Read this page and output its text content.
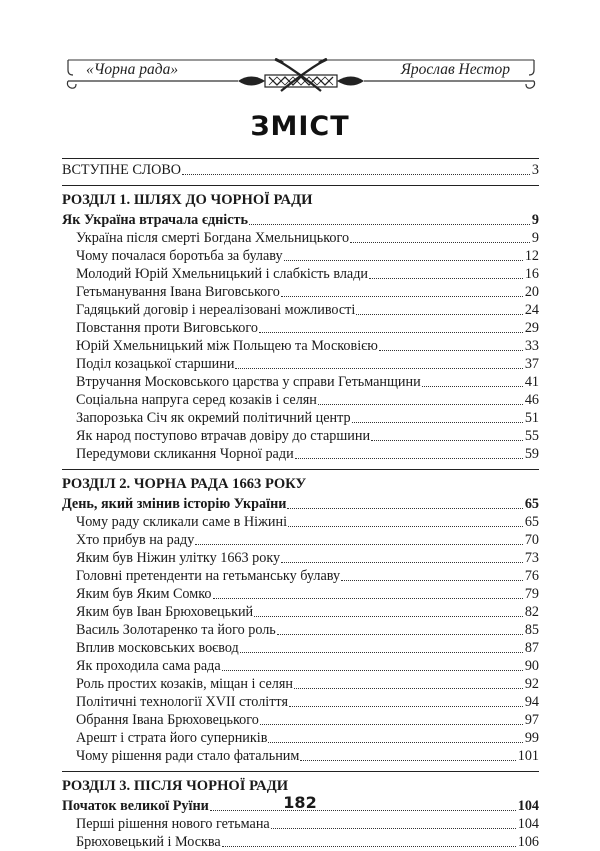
«Чорна рада»	Ярослав Нестор
ЗМІСТ
ВСТУПНЕ СЛОВО	3
РОЗДІЛ 1. ШЛЯХ ДО ЧОРНОЇ РАДИ
Як Україна втрачала єдність	9
Україна після смерті Богдана Хмельницького	9
Чому почалася боротьба за булаву	12
Молодий Юрій Хмельницький і слабкість влади	16
Гетьманування Івана Виговського	20
Гадяцький договір і нереалізовані можливості	24
Повстання проти Виговського	29
Юрій Хмельницький між Польщею та Московією	33
Поділ козацької старшини	37
Втручання Московського царства у справи Гетьманщини	41
Соціальна напруга серед козаків і селян	46
Запорозька Січ як окремий політичний центр	51
Як народ поступово втрачав довіру до старшини	55
Передумови скликання Чорної ради	59
РОЗДІЛ 2. ЧОРНА РАДА 1663 РОКУ
День, який змінив історію України	65
Чому раду скликали саме в Ніжині	65
Хто прибув на раду	70
Яким був Ніжин улітку 1663 року	73
Головні претенденти на гетьманську булаву	76
Яким був Яким Сомко	79
Яким був Іван Брюховецький	82
Василь Золотаренко та його роль	85
Вплив московських воєвод	87
Як проходила сама рада	90
Роль простих козаків, міщан і селян	92
Політичні технології XVII століття	94
Обрання Івана Брюховецького	97
Арешт і страта його суперників	99
Чому рішення ради стало фатальним	101
РОЗДІЛ 3. ПІСЛЯ ЧОРНОЇ РАДИ
Початок великої Руїни	104
Перші рішення нового гетьмана	104
Брюховецький і Москва	106
182
